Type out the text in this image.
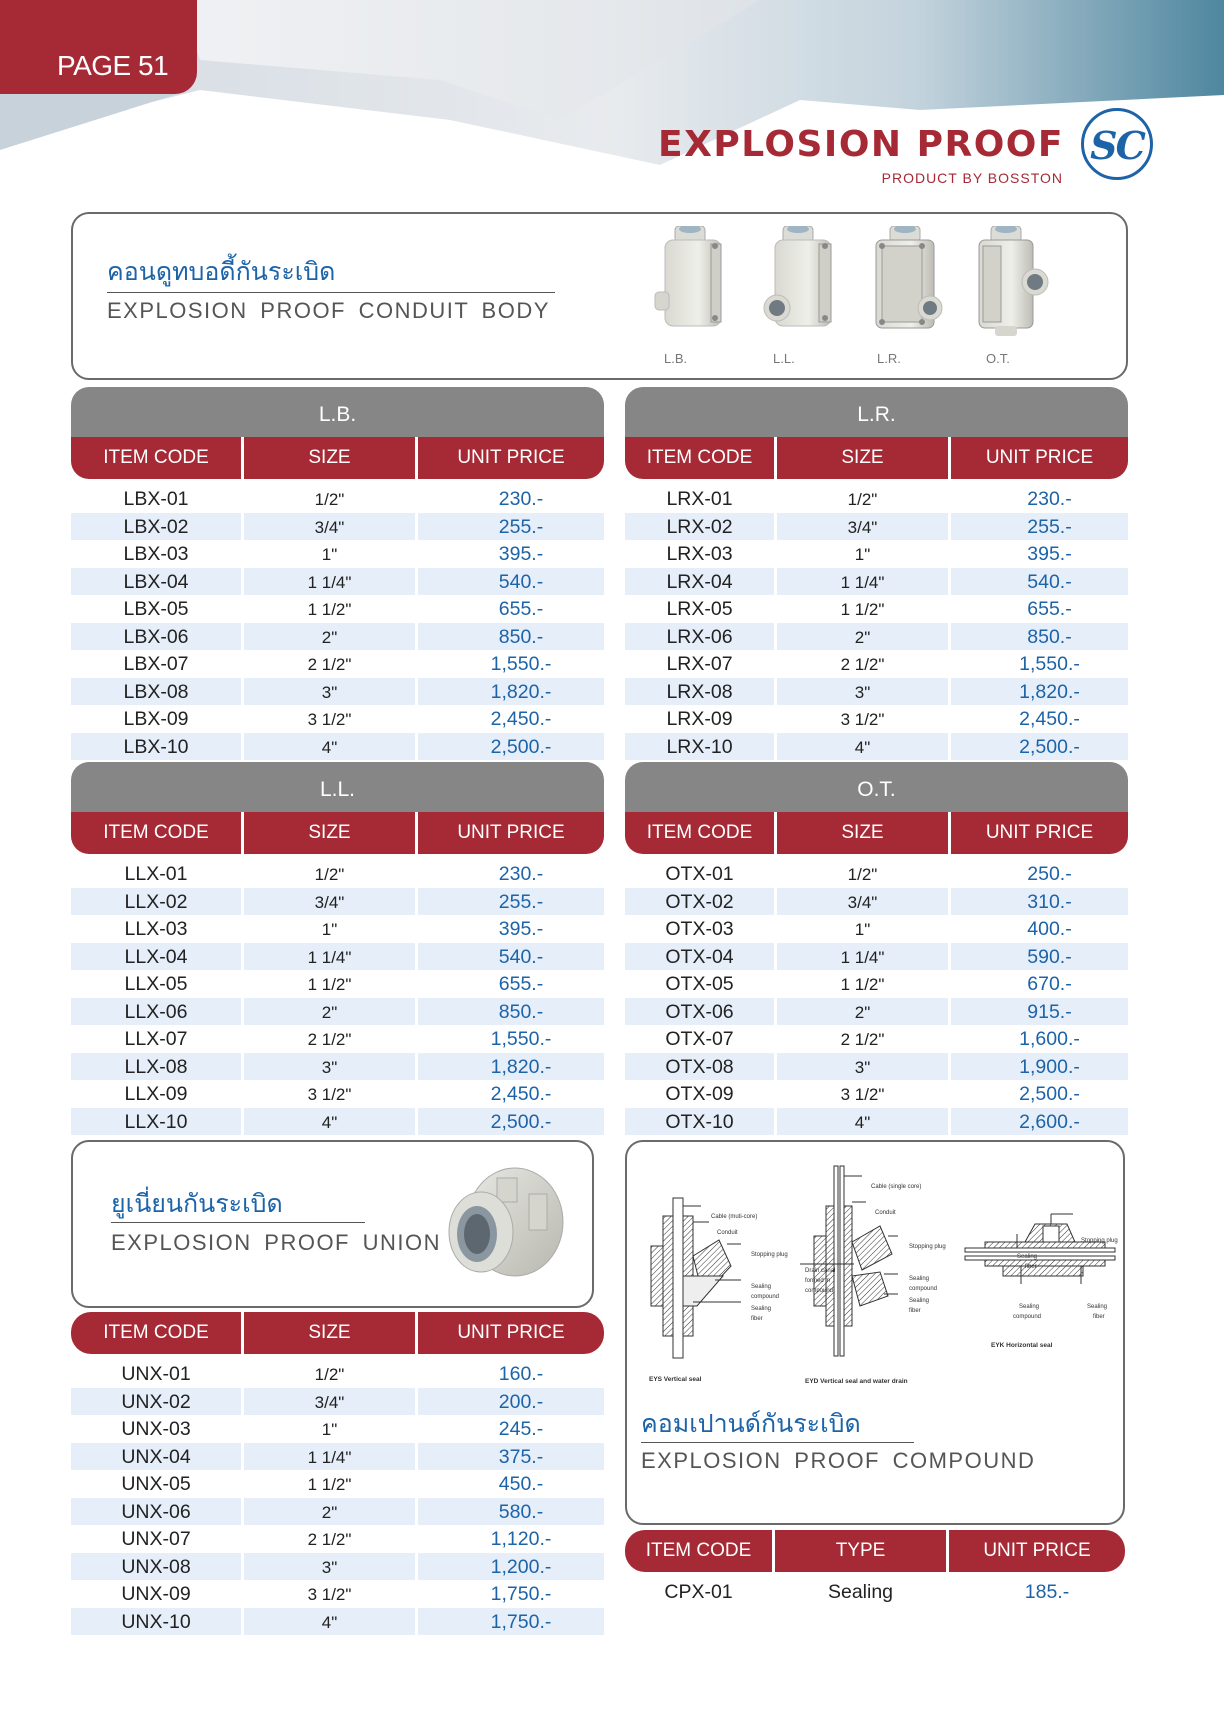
PAGE 51
EXPLOSION PROOF
PRODUCT BY BOSSTON
SC
คอนดูทบอดี้กันระเบิด
EXPLOSION PROOF CONDUIT BODY
L.B.	L.L.	L.R.	O.T.
L.B.
ITEM CODE	SIZE	UNIT PRICE
LBX-01	1/2"	230.-
LBX-02	3/4"	255.-
LBX-03	1"	395.-
LBX-04	1 1/4"	540.-
LBX-05	1 1/2"	655.-
LBX-06	2"	850.-
LBX-07	2 1/2"	1,550.-
LBX-08	3"	1,820.-
LBX-09	3 1/2"	2,450.-
LBX-10	4"	2,500.-
L.R.
ITEM CODE	SIZE	UNIT PRICE
LRX-01	1/2"	230.-
LRX-02	3/4"	255.-
LRX-03	1"	395.-
LRX-04	1 1/4"	540.-
LRX-05	1 1/2"	655.-
LRX-06	2"	850.-
LRX-07	2 1/2"	1,550.-
LRX-08	3"	1,820.-
LRX-09	3 1/2"	2,450.-
LRX-10	4"	2,500.-
L.L.
ITEM CODE	SIZE	UNIT PRICE
LLX-01	1/2"	230.-
LLX-02	3/4"	255.-
LLX-03	1"	395.-
LLX-04	1 1/4"	540.-
LLX-05	1 1/2"	655.-
LLX-06	2"	850.-
LLX-07	2 1/2"	1,550.-
LLX-08	3"	1,820.-
LLX-09	3 1/2"	2,450.-
LLX-10	4"	2,500.-
O.T.
ITEM CODE	SIZE	UNIT PRICE
OTX-01	1/2"	250.-
OTX-02	3/4"	310.-
OTX-03	1"	400.-
OTX-04	1 1/4"	590.-
OTX-05	1 1/2"	670.-
OTX-06	2"	915.-
OTX-07	2 1/2"	1,600.-
OTX-08	3"	1,900.-
OTX-09	3 1/2"	2,500.-
OTX-10	4"	2,600.-
ยูเนี่ยนกันระเบิด
EXPLOSION PROOF UNION
ITEM CODE	SIZE	UNIT PRICE
UNX-01	1/2"	160.-
UNX-02	3/4"	200.-
UNX-03	1"	245.-
UNX-04	1 1/4"	375.-
UNX-05	1 1/2"	450.-
UNX-06	2"	580.-
UNX-07	2 1/2"	1,120.-
UNX-08	3"	1,200.-
UNX-09	3 1/2"	1,750.-
UNX-10	4"	1,750.-
EYS Vertical seal
Cable (muti-core)
Conduit
Stopping plug
Sealing
compound
Sealing
fiber
EYD Vertical seal and water drain
Cable (single core)
Conduit
Stopping plug
Drain canal
formed in
compound
Sealing
compound
Sealing
fiber
EYK Horizontal seal
Stopping plug
Sealing
fiber
Sealing
compound
Sealing
fiber
คอมเปานด์กันระเบิด
EXPLOSION PROOF COMPOUND
ITEM CODE	TYPE	UNIT PRICE
CPX-01	Sealing	185.-
